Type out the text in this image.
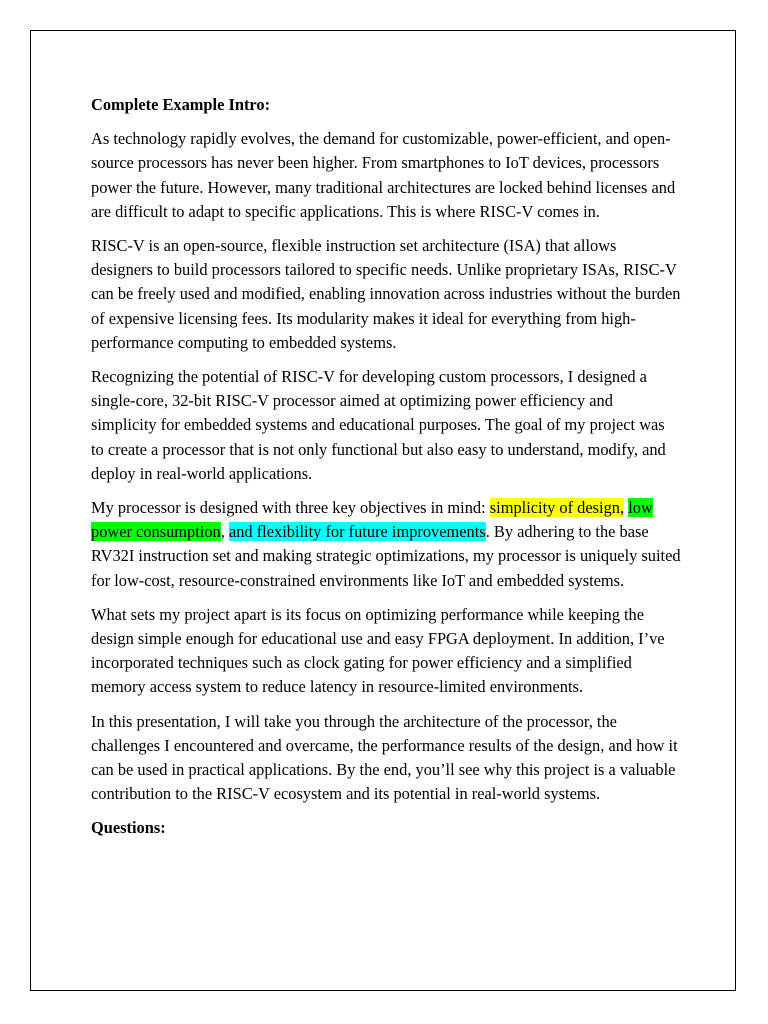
Complete Example Intro:

As technology rapidly evolves, the demand for customizable, power-efficient, and open-source processors has never been higher. From smartphones to IoT devices, processors power the future. However, many traditional architectures are locked behind licenses and are difficult to adapt to specific applications. This is where RISC-V comes in.

RISC-V is an open-source, flexible instruction set architecture (ISA) that allows designers to build processors tailored to specific needs. Unlike proprietary ISAs, RISC-V can be freely used and modified, enabling innovation across industries without the burden of expensive licensing fees. Its modularity makes it ideal for everything from high-performance computing to embedded systems.

Recognizing the potential of RISC-V for developing custom processors, I designed a single-core, 32-bit RISC-V processor aimed at optimizing power efficiency and simplicity for embedded systems and educational purposes. The goal of my project was to create a processor that is not only functional but also easy to understand, modify, and deploy in real-world applications.

My processor is designed with three key objectives in mind: simplicity of design, low power consumption, and flexibility for future improvements. By adhering to the base RV32I instruction set and making strategic optimizations, my processor is uniquely suited for low-cost, resource-constrained environments like IoT and embedded systems.

What sets my project apart is its focus on optimizing performance while keeping the design simple enough for educational use and easy FPGA deployment. In addition, I’ve incorporated techniques such as clock gating for power efficiency and a simplified memory access system to reduce latency in resource-limited environments.

In this presentation, I will take you through the architecture of the processor, the challenges I encountered and overcame, the performance results of the design, and how it can be used in practical applications. By the end, you’ll see why this project is a valuable contribution to the RISC-V ecosystem and its potential in real-world systems.

Questions:
